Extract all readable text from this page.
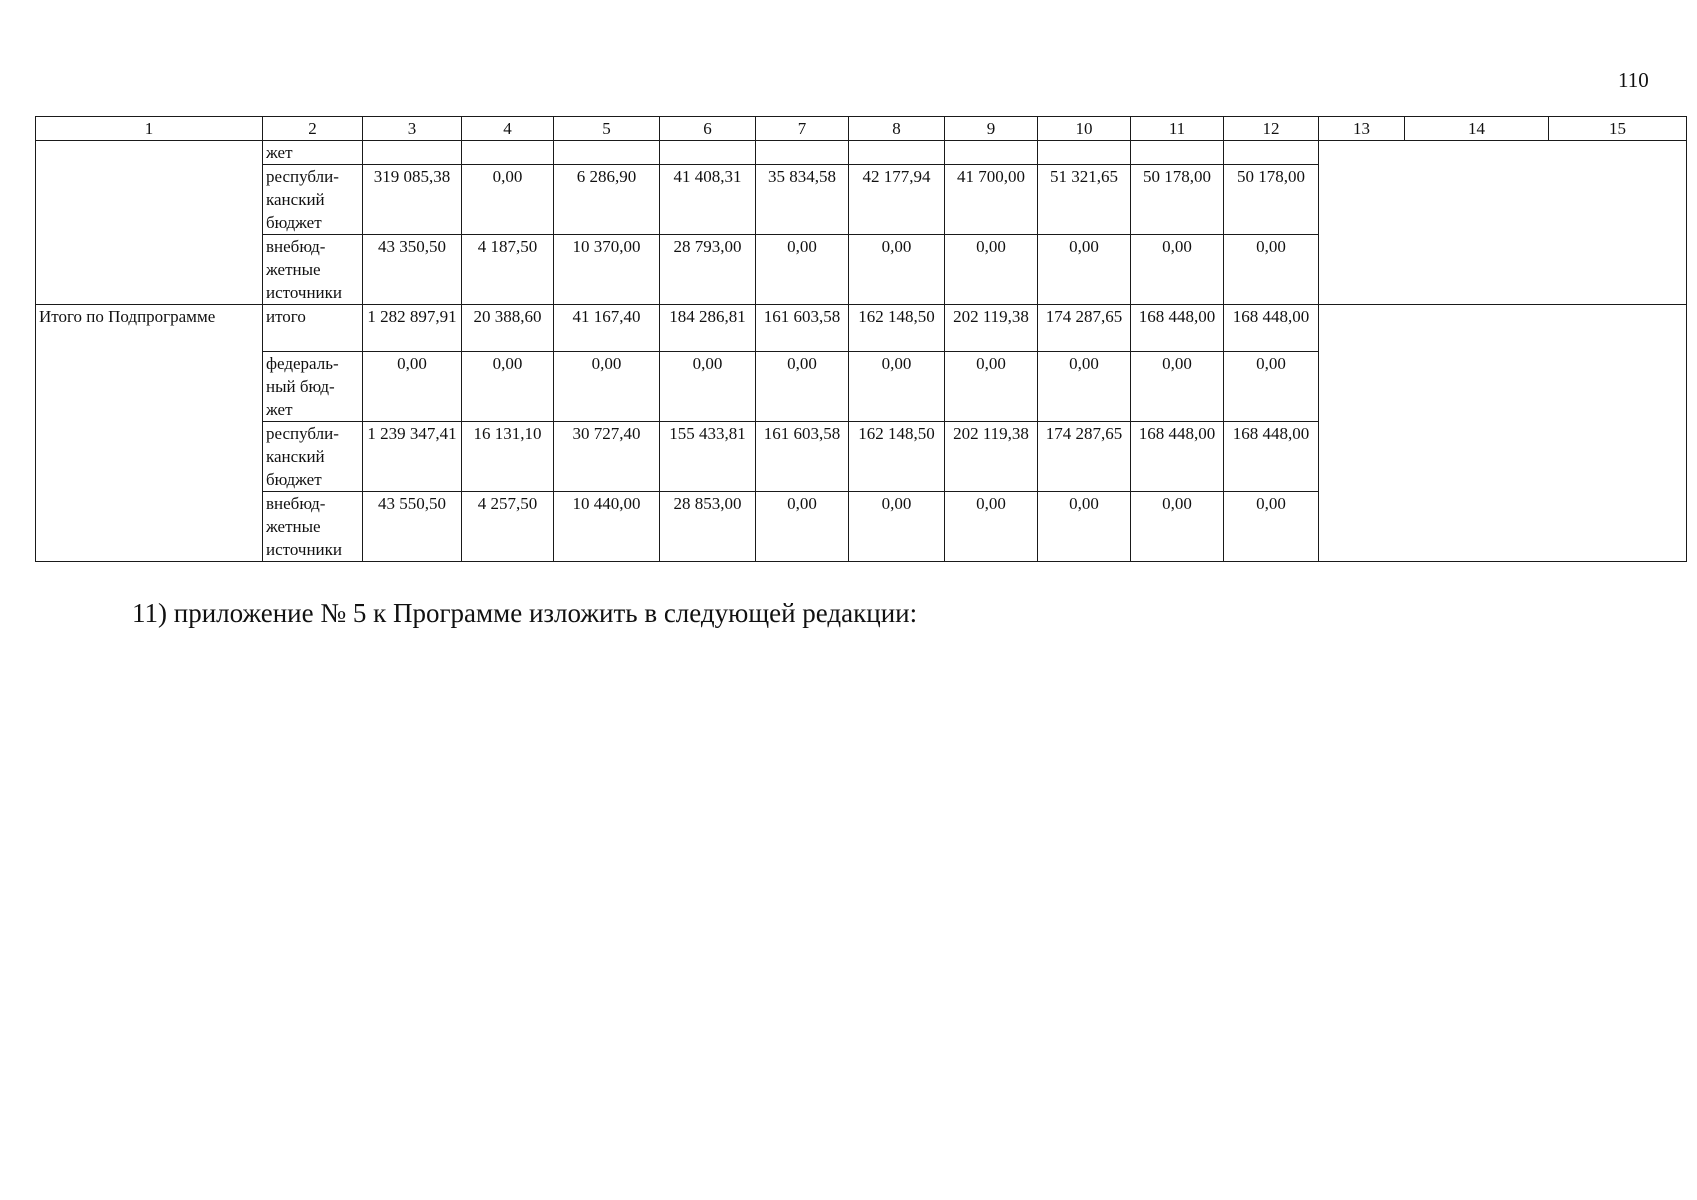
110
1	2	3	4	5	6	7	8	9	10	11	12	13	14	15
	жет													
	республи-канский бюджет	319 085,38	0,00	6 286,90	41 408,31	35 834,58	42 177,94	41 700,00	51 321,65	50 178,00	50 178,00			
	внебюд-жетные источники	43 350,50	4 187,50	10 370,00	28 793,00	0,00	0,00	0,00	0,00	0,00	0,00			
Итого по Подпрограмме	итого	1 282 897,91	20 388,60	41 167,40	184 286,81	161 603,58	162 148,50	202 119,38	174 287,65	168 448,00	168 448,00			
	федераль-ный бюд-жет	0,00	0,00	0,00	0,00	0,00	0,00	0,00	0,00	0,00	0,00			
	республи-канский бюджет	1 239 347,41	16 131,10	30 727,40	155 433,81	161 603,58	162 148,50	202 119,38	174 287,65	168 448,00	168 448,00			
	внебюд-жетные источники	43 550,50	4 257,50	10 440,00	28 853,00	0,00	0,00	0,00	0,00	0,00	0,00			
11) приложение № 5 к Программе изложить в следующей редакции:
